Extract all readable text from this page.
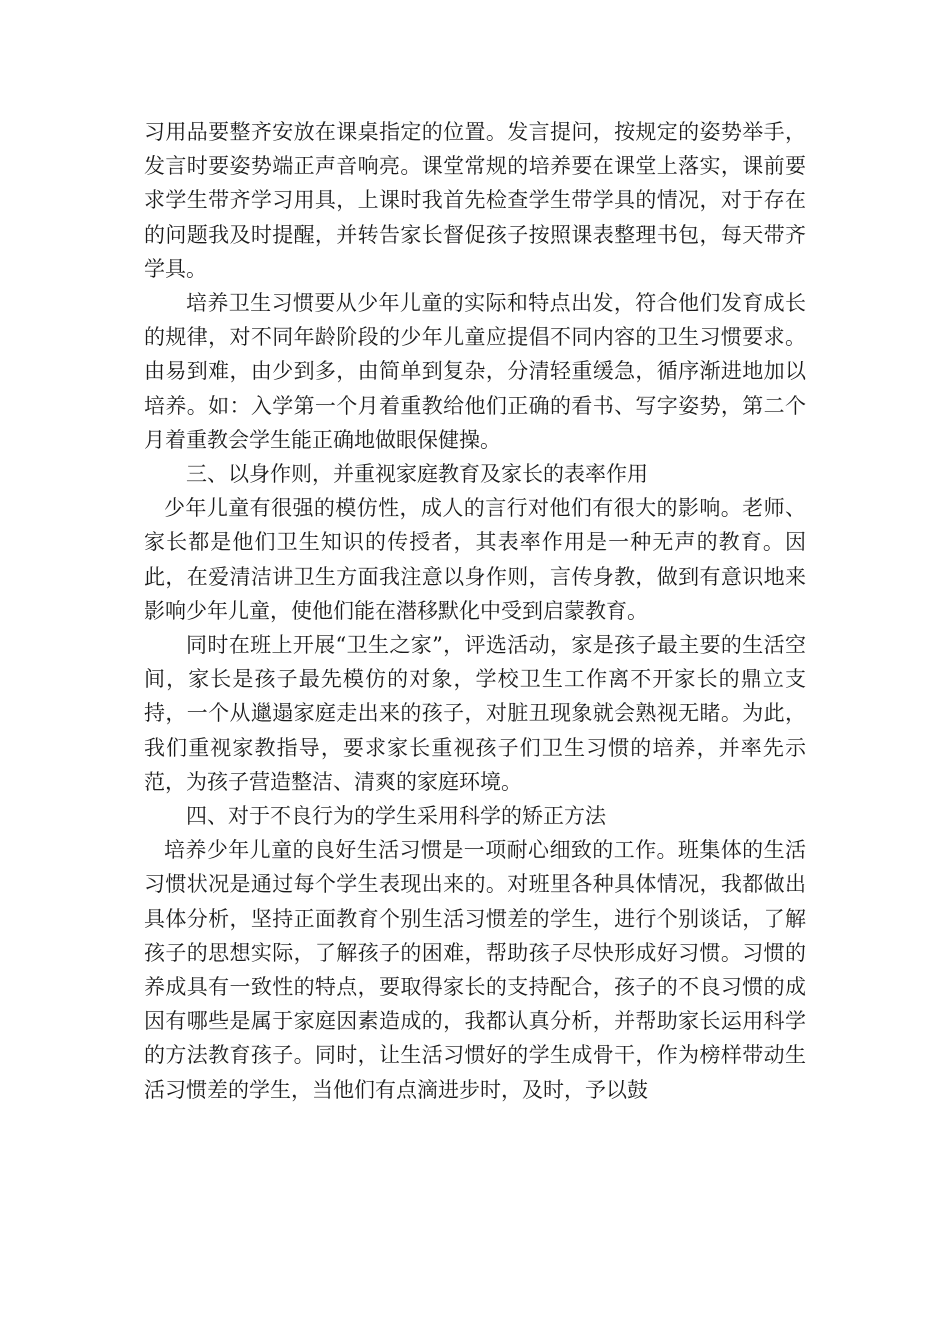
习用品要整齐安放在课桌指定的位置。发言提问，按规定的姿势举手，发言时要姿势端正声音响亮。课堂常规的培养要在课堂上落实，课前要求学生带齐学习用具，上课时我首先检查学生带学具的情况，对于存在的问题我及时提醒，并转告家长督促孩子按照课表整理书包，每天带齐学具。

培养卫生习惯要从少年儿童的实际和特点出发，符合他们发育成长的规律，对不同年龄阶段的少年儿童应提倡不同内容的卫生习惯要求。由易到难，由少到多，由简单到复杂，分清轻重缓急，循序渐进地加以培养。如：入学第一个月着重教给他们正确的看书、写字姿势，第二个月着重教会学生能正确地做眼保健操。

三、以身作则，并重视家庭教育及家长的表率作用

少年儿童有很强的模仿性，成人的言行对他们有很大的影响。老师、家长都是他们卫生知识的传授者，其表率作用是一种无声的教育。因此，在爱清洁讲卫生方面我注意以身作则，言传身教，做到有意识地来影响少年儿童，使他们能在潜移默化中受到启蒙教育。

同时在班上开展“卫生之家”，评选活动，家是孩子最主要的生活空间，家长是孩子最先模仿的对象，学校卫生工作离不开家长的鼎立支持，一个从邋遢家庭走出来的孩子，对脏丑现象就会熟视无睹。为此，我们重视家教指导，要求家长重视孩子们卫生习惯的培养，并率先示范，为孩子营造整洁、清爽的家庭环境。

四、对于不良行为的学生采用科学的矫正方法

培养少年儿童的良好生活习惯是一项耐心细致的工作。班集体的生活习惯状况是通过每个学生表现出来的。对班里各种具体情况，我都做出具体分析，坚持正面教育个别生活习惯差的学生，进行个别谈话，了解孩子的思想实际，了解孩子的困难，帮助孩子尽快形成好习惯。习惯的养成具有一致性的特点，要取得家长的支持配合，孩子的不良习惯的成因有哪些是属于家庭因素造成的，我都认真分析，并帮助家长运用科学的方法教育孩子。同时，让生活习惯好的学生成骨干，作为榜样带动生活习惯差的学生，当他们有点滴进步时，及时，予以鼓
